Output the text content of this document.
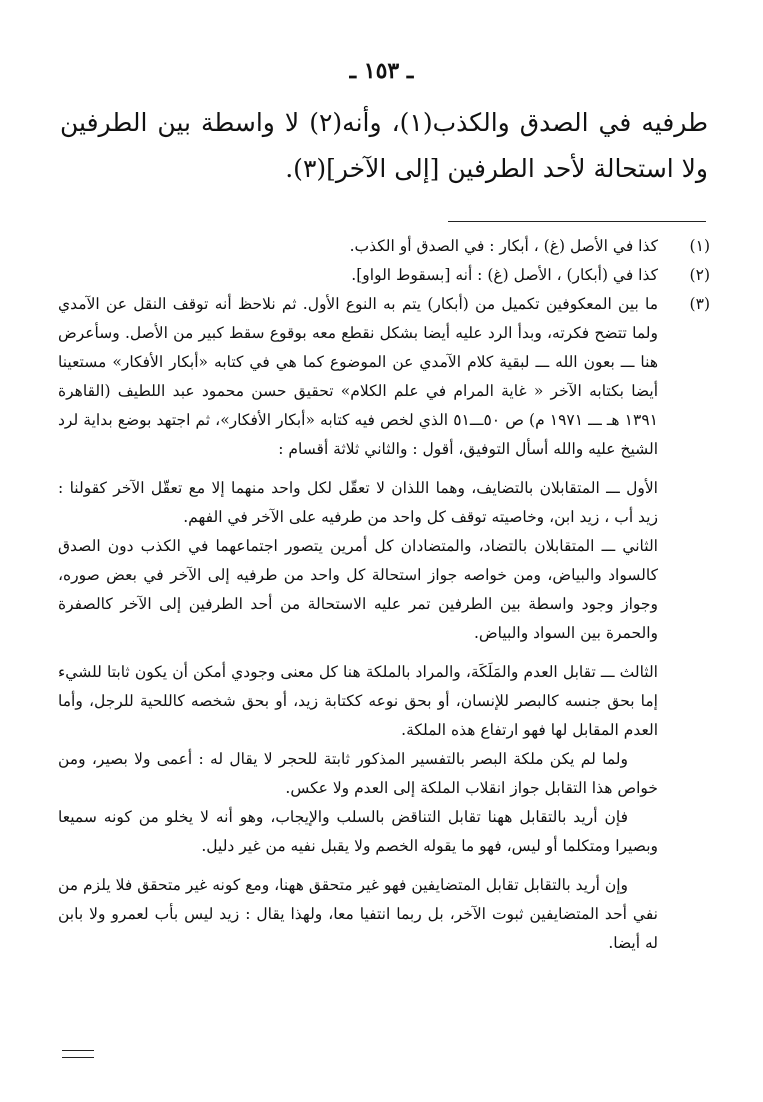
ـ ١٥٣ ـ

طرفيه في الصدق والكذب(١)، وأنه(٢) لا واسطة بين الطرفين ولا استحالة لأحد الطرفين [إلى الآخر](٣).

(١)
كذا في الأصل (غ) ، أبكار : في الصدق أو الكذب.
(٢)
كذا في (أبكار) ، الأصل (غ) : أنه [بسقوط الواو].
(٣)

ما بين المعكوفين تكميل من (أبكار) يتم به النوع الأول. ثم نلاحظ أنه توقف النقل عن الآمدي ولما تتضح فكرته، وبدأ الرد عليه أيضا بشكل نقطع معه بوقوع سقط كبير من الأصل. وسأعرض هنا ـــ بعون الله ـــ لبقية كلام الآمدي عن الموضوع كما هي في كتابه «أبكار الأفكار» مستعينا أيضا بكتابه الآخر « غاية المرام في علم الكلام» تحقيق حسن محمود عبد اللطيف (القاهرة ١٣٩١ هـ ـــ ١٩٧١ م) ص ٥٠ـــ٥١ الذي لخص فيه كتابه «أبكار الأفكار»، ثم اجتهد بوضع بداية لرد الشيخ عليه والله أسأل التوفيق، أقول : والثاني ثلاثة أقسام :

الأول ـــ المتقابلان بالتضايف، وهما اللذان لا تعقّل لكل واحد منهما إلا مع تعقّل الآخر كقولنا : زيد أب ، زيد ابن، وخاصيته توقف كل واحد من طرفيه على الآخر في الفهم.

الثاني ـــ المتقابلان بالتضاد، والمتضادان كل أمرين يتصور اجتماعهما في الكذب دون الصدق كالسواد والبياض، ومن خواصه جواز استحالة كل واحد من طرفيه إلى الآخر في بعض صوره، وجواز وجود واسطة بين الطرفين تمر عليه الاستحالة من أحد الطرفين إلى الآخر كالصفرة والحمرة بين السواد والبياض.

الثالث ـــ تقابل العدم والمَلَكَة، والمراد بالملكة هنا كل معنى وجودي أمكن أن يكون ثابتا للشيء إما بحق جنسه كالبصر للإنسان، أو بحق نوعه ككتابة زيد، أو بحق شخصه كاللحية للرجل، وأما العدم المقابل لها فهو ارتفاع هذه الملكة.

ولما لم يكن ملكة البصر بالتفسير المذكور ثابتة للحجر لا يقال له : أعمى ولا بصير، ومن خواص هذا التقابل جواز انقلاب الملكة إلى العدم ولا عكس.

فإن أريد بالتقابل ههنا تقابل التناقض بالسلب والإيجاب، وهو أنه لا يخلو من كونه سميعا وبصيرا ومتكلما أو ليس، فهو ما يقوله الخصم ولا يقبل نفيه من غير دليل.

وإن أريد بالتقابل تقابل المتضايفين فهو غير متحقق ههنا، ومع كونه غير متحقق فلا يلزم من نفي أحد المتضايفين ثبوت الآخر، بل ربما انتفيا معا، ولهذا يقال : زيد ليس بأب لعمرو ولا بابن له أيضا.
